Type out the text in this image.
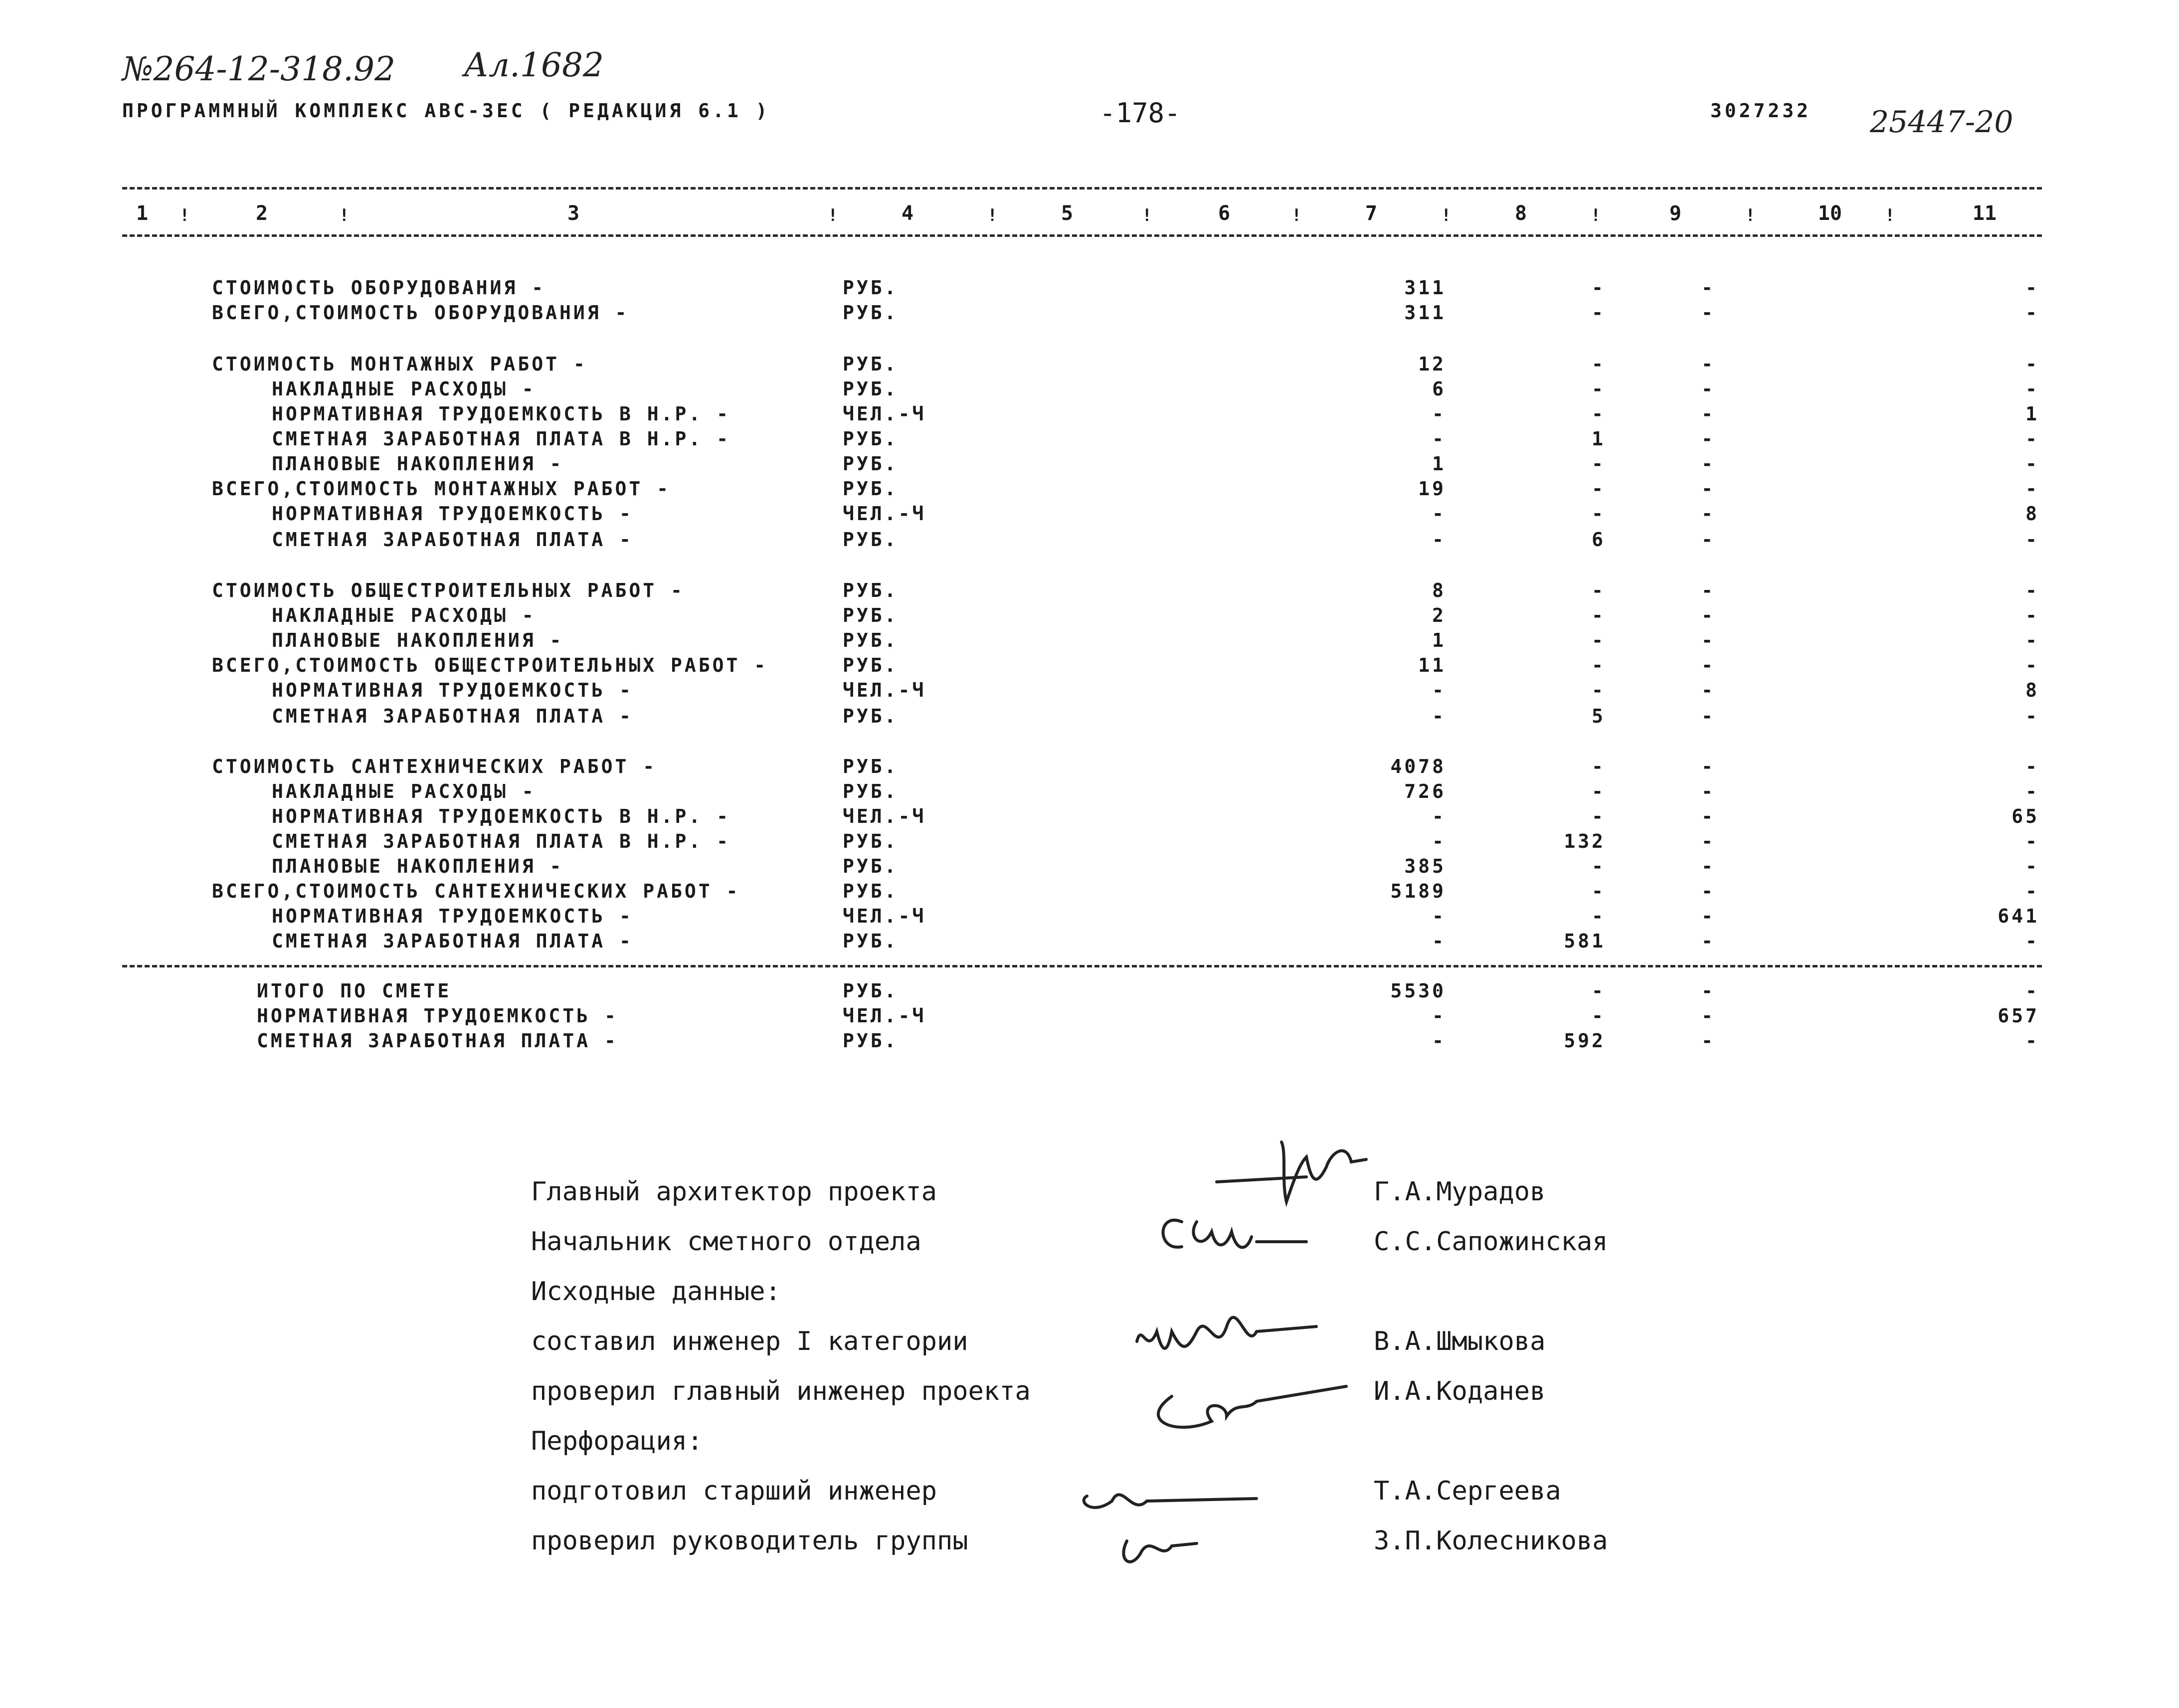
№264-12-318.92 Ал.1682
25447-20
ПРОГРАММНЫЙ КОМПЛЕКС АВС-ЗЕС ( РЕДАКЦИЯ 6.1 )	-178-	3027232
1	2	3	4	5	6	7	8	9	10	11
!	!	!	!	!	!	!	!	!	!
СТОИМОСТЬ ОБОРУДОВАНИЯ -	РУБ.	311	-	-	-
ВСЕГО,СТОИМОСТЬ ОБОРУДОВАНИЯ -	РУБ.	311	-	-	-
СТОИМОСТЬ МОНТАЖНЫХ РАБОТ -	РУБ.	12	-	-	-
НАКЛАДНЫЕ РАСХОДЫ -	РУБ.	6	-	-	-
НОРМАТИВНАЯ ТРУДОЕМКОСТЬ В Н.Р. -	ЧЕЛ.-Ч	-	-	-	1
СМЕТНАЯ ЗАРАБОТНАЯ ПЛАТА В Н.Р. -	РУБ.	-	1	-	-
ПЛАНОВЫЕ НАКОПЛЕНИЯ -	РУБ.	1	-	-	-
ВСЕГО,СТОИМОСТЬ МОНТАЖНЫХ РАБОТ -	РУБ.	19	-	-	-
НОРМАТИВНАЯ ТРУДОЕМКОСТЬ -	ЧЕЛ.-Ч	-	-	-	8
СМЕТНАЯ ЗАРАБОТНАЯ ПЛАТА -	РУБ.	-	6	-	-
СТОИМОСТЬ ОБЩЕСТРОИТЕЛЬНЫХ РАБОТ -	РУБ.	8	-	-	-
НАКЛАДНЫЕ РАСХОДЫ -	РУБ.	2	-	-	-
ПЛАНОВЫЕ НАКОПЛЕНИЯ -	РУБ.	1	-	-	-
ВСЕГО,СТОИМОСТЬ ОБЩЕСТРОИТЕЛЬНЫХ РАБОТ -	РУБ.	11	-	-	-
НОРМАТИВНАЯ ТРУДОЕМКОСТЬ -	ЧЕЛ.-Ч	-	-	-	8
СМЕТНАЯ ЗАРАБОТНАЯ ПЛАТА -	РУБ.	-	5	-	-
СТОИМОСТЬ САНТЕХНИЧЕСКИХ РАБОТ -	РУБ.	4078	-	-	-
НАКЛАДНЫЕ РАСХОДЫ -	РУБ.	726	-	-	-
НОРМАТИВНАЯ ТРУДОЕМКОСТЬ В Н.Р. -	ЧЕЛ.-Ч	-	-	-	65
СМЕТНАЯ ЗАРАБОТНАЯ ПЛАТА В Н.Р. -	РУБ.	-	132	-	-
ПЛАНОВЫЕ НАКОПЛЕНИЯ -	РУБ.	385	-	-	-
ВСЕГО,СТОИМОСТЬ САНТЕХНИЧЕСКИХ РАБОТ -	РУБ.	5189	-	-	-
НОРМАТИВНАЯ ТРУДОЕМКОСТЬ -	ЧЕЛ.-Ч	-	-	-	641
СМЕТНАЯ ЗАРАБОТНАЯ ПЛАТА -	РУБ.	-	581	-	-
ИТОГО ПО СМЕТЕ	РУБ.	5530	-	-	-
НОРМАТИВНАЯ ТРУДОЕМКОСТЬ -	ЧЕЛ.-Ч	-	-	-	657
СМЕТНАЯ ЗАРАБОТНАЯ ПЛАТА -	РУБ.	-	592	-	-
Главный архитектор проекта	Г.А.Мурадов
Начальник сметного отдела	С.С.Сапожинская
Исходные данные:
составил инженер I категории	В.А.Шмыкова
проверил главный инженер проекта	И.А.Коданев
Перфорация:
подготовил старший инженер	Т.А.Сергеева
проверил руководитель группы	З.П.Колесникова
